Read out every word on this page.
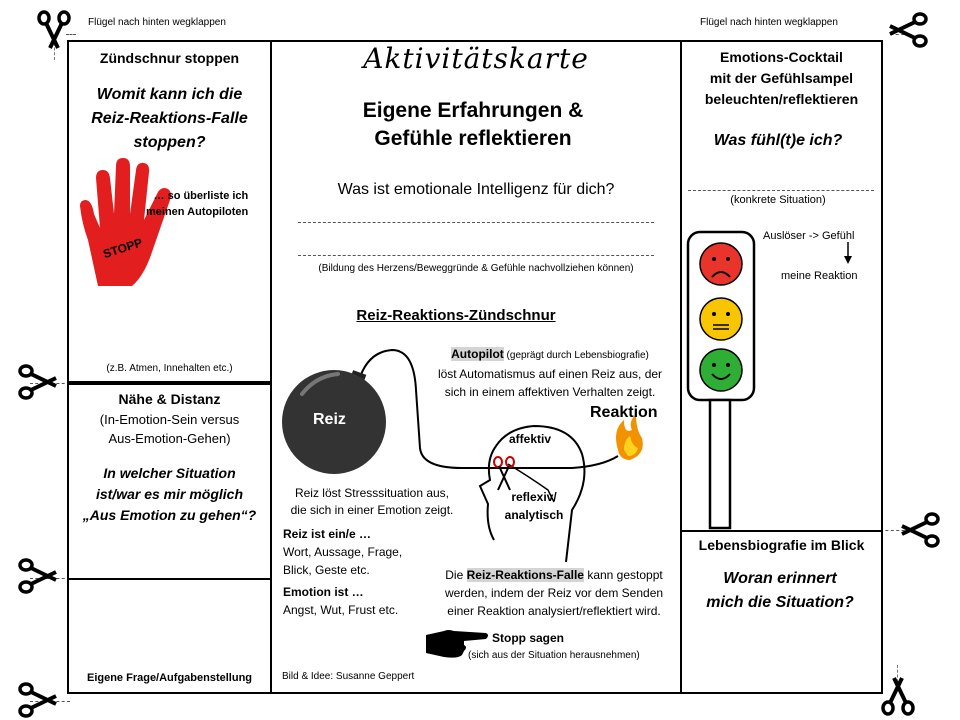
Flügel nach hinten wegklappen	Flügel nach hinten wegklappen
Zündschnur stoppen
Womit kann ich die
Reiz-Reaktions-Falle
stoppen?
STOPP
… so überliste ich
meinen Autopiloten
(z.B. Atmen, Innehalten etc.)
Nähe & Distanz
(In-Emotion-Sein versus
Aus-Emotion-Gehen)
In welcher Situation
ist/war es mir möglich
„Aus Emotion zu gehen“?
Eigene Frage/Aufgabenstellung
Aktivitätskarte
Eigene Erfahrungen &
Gefühle reflektieren
Was ist emotionale Intelligenz für dich?
(Bildung des Herzens/Beweggründe & Gefühle nachvollziehen können)
Reiz-Reaktions-Zündschnur
Reiz
Autopilot (geprägt durch Lebensbiografie)
löst Automatismus auf einen Reiz aus, der
sich in einem affektiven Verhalten zeigt.
Reaktion
affektiv
reflexiv/
analytisch
Reiz löst Stresssituation aus,
die sich in einer Emotion zeigt.
Reiz ist ein/e …
Wort, Aussage, Frage,
Blick, Geste etc.
Emotion ist …
Angst, Wut, Frust etc.
Die Reiz-Reaktions-Falle kann gestoppt
werden, indem der Reiz vor dem Senden
einer Reaktion analysiert/reflektiert wird.
Stopp sagen
(sich aus der Situation herausnehmen)
Bild & Idee: Susanne Geppert
Emotions-Cocktail
mit der Gefühlsampel
beleuchten/reflektieren
Was fühl(t)e ich?
(konkrete Situation)
Auslöser -> Gefühl
meine Reaktion
Lebensbiografie im Blick
Woran erinnert
mich die Situation?
